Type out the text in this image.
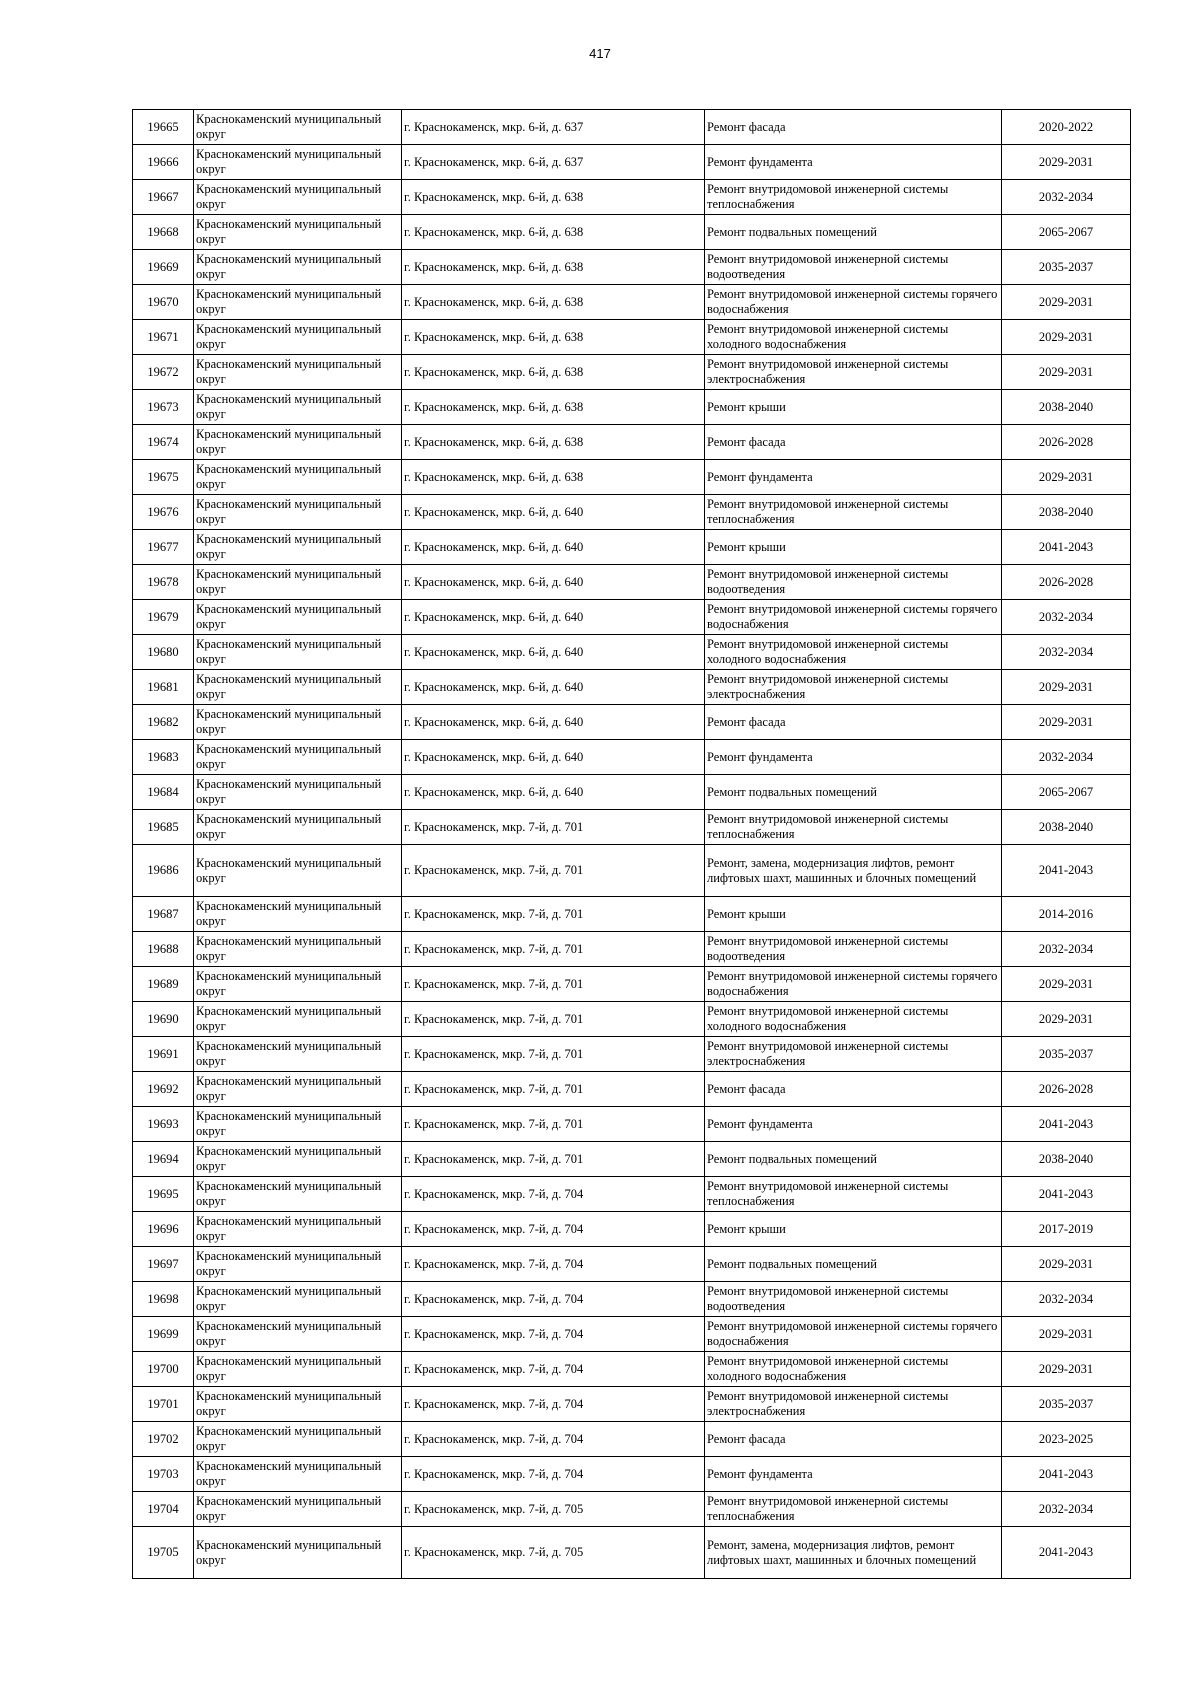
417
19665	Краснокаменский муниципальный округ	г. Краснокаменск, мкр. 6-й, д. 637	Ремонт фасада	2020-2022
19666	Краснокаменский муниципальный округ	г. Краснокаменск, мкр. 6-й, д. 637	Ремонт фундамента	2029-2031
19667	Краснокаменский муниципальный округ	г. Краснокаменск, мкр. 6-й, д. 638	Ремонт внутридомовой инженерной системы теплоснабжения	2032-2034
19668	Краснокаменский муниципальный округ	г. Краснокаменск, мкр. 6-й, д. 638	Ремонт подвальных помещений	2065-2067
19669	Краснокаменский муниципальный округ	г. Краснокаменск, мкр. 6-й, д. 638	Ремонт внутридомовой инженерной системы водоотведения	2035-2037
19670	Краснокаменский муниципальный округ	г. Краснокаменск, мкр. 6-й, д. 638	Ремонт внутридомовой инженерной системы горячего водоснабжения	2029-2031
19671	Краснокаменский муниципальный округ	г. Краснокаменск, мкр. 6-й, д. 638	Ремонт внутридомовой инженерной системы холодного водоснабжения	2029-2031
19672	Краснокаменский муниципальный округ	г. Краснокаменск, мкр. 6-й, д. 638	Ремонт внутридомовой инженерной системы электроснабжения	2029-2031
19673	Краснокаменский муниципальный округ	г. Краснокаменск, мкр. 6-й, д. 638	Ремонт крыши	2038-2040
19674	Краснокаменский муниципальный округ	г. Краснокаменск, мкр. 6-й, д. 638	Ремонт фасада	2026-2028
19675	Краснокаменский муниципальный округ	г. Краснокаменск, мкр. 6-й, д. 638	Ремонт фундамента	2029-2031
19676	Краснокаменский муниципальный округ	г. Краснокаменск, мкр. 6-й, д. 640	Ремонт внутридомовой инженерной системы теплоснабжения	2038-2040
19677	Краснокаменский муниципальный округ	г. Краснокаменск, мкр. 6-й, д. 640	Ремонт крыши	2041-2043
19678	Краснокаменский муниципальный округ	г. Краснокаменск, мкр. 6-й, д. 640	Ремонт внутридомовой инженерной системы водоотведения	2026-2028
19679	Краснокаменский муниципальный округ	г. Краснокаменск, мкр. 6-й, д. 640	Ремонт внутридомовой инженерной системы горячего водоснабжения	2032-2034
19680	Краснокаменский муниципальный округ	г. Краснокаменск, мкр. 6-й, д. 640	Ремонт внутридомовой инженерной системы холодного водоснабжения	2032-2034
19681	Краснокаменский муниципальный округ	г. Краснокаменск, мкр. 6-й, д. 640	Ремонт внутридомовой инженерной системы электроснабжения	2029-2031
19682	Краснокаменский муниципальный округ	г. Краснокаменск, мкр. 6-й, д. 640	Ремонт фасада	2029-2031
19683	Краснокаменский муниципальный округ	г. Краснокаменск, мкр. 6-й, д. 640	Ремонт фундамента	2032-2034
19684	Краснокаменский муниципальный округ	г. Краснокаменск, мкр. 6-й, д. 640	Ремонт подвальных помещений	2065-2067
19685	Краснокаменский муниципальный округ	г. Краснокаменск, мкр. 7-й, д. 701	Ремонт внутридомовой инженерной системы теплоснабжения	2038-2040
19686	Краснокаменский муниципальный округ	г. Краснокаменск, мкр. 7-й, д. 701	Ремонт, замена, модернизация лифтов, ремонт
лифтовых шахт, машинных и блочных помещений	2041-2043
19687	Краснокаменский муниципальный округ	г. Краснокаменск, мкр. 7-й, д. 701	Ремонт крыши	2014-2016
19688	Краснокаменский муниципальный округ	г. Краснокаменск, мкр. 7-й, д. 701	Ремонт внутридомовой инженерной системы водоотведения	2032-2034
19689	Краснокаменский муниципальный округ	г. Краснокаменск, мкр. 7-й, д. 701	Ремонт внутридомовой инженерной системы горячего водоснабжения	2029-2031
19690	Краснокаменский муниципальный округ	г. Краснокаменск, мкр. 7-й, д. 701	Ремонт внутридомовой инженерной системы холодного водоснабжения	2029-2031
19691	Краснокаменский муниципальный округ	г. Краснокаменск, мкр. 7-й, д. 701	Ремонт внутридомовой инженерной системы электроснабжения	2035-2037
19692	Краснокаменский муниципальный округ	г. Краснокаменск, мкр. 7-й, д. 701	Ремонт фасада	2026-2028
19693	Краснокаменский муниципальный округ	г. Краснокаменск, мкр. 7-й, д. 701	Ремонт фундамента	2041-2043
19694	Краснокаменский муниципальный округ	г. Краснокаменск, мкр. 7-й, д. 701	Ремонт подвальных помещений	2038-2040
19695	Краснокаменский муниципальный округ	г. Краснокаменск, мкр. 7-й, д. 704	Ремонт внутридомовой инженерной системы теплоснабжения	2041-2043
19696	Краснокаменский муниципальный округ	г. Краснокаменск, мкр. 7-й, д. 704	Ремонт крыши	2017-2019
19697	Краснокаменский муниципальный округ	г. Краснокаменск, мкр. 7-й, д. 704	Ремонт подвальных помещений	2029-2031
19698	Краснокаменский муниципальный округ	г. Краснокаменск, мкр. 7-й, д. 704	Ремонт внутридомовой инженерной системы водоотведения	2032-2034
19699	Краснокаменский муниципальный округ	г. Краснокаменск, мкр. 7-й, д. 704	Ремонт внутридомовой инженерной системы горячего водоснабжения	2029-2031
19700	Краснокаменский муниципальный округ	г. Краснокаменск, мкр. 7-й, д. 704	Ремонт внутридомовой инженерной системы холодного водоснабжения	2029-2031
19701	Краснокаменский муниципальный округ	г. Краснокаменск, мкр. 7-й, д. 704	Ремонт внутридомовой инженерной системы электроснабжения	2035-2037
19702	Краснокаменский муниципальный округ	г. Краснокаменск, мкр. 7-й, д. 704	Ремонт фасада	2023-2025
19703	Краснокаменский муниципальный округ	г. Краснокаменск, мкр. 7-й, д. 704	Ремонт фундамента	2041-2043
19704	Краснокаменский муниципальный округ	г. Краснокаменск, мкр. 7-й, д. 705	Ремонт внутридомовой инженерной системы теплоснабжения	2032-2034
19705	Краснокаменский муниципальный округ	г. Краснокаменск, мкр. 7-й, д. 705	Ремонт, замена, модернизация лифтов, ремонт
лифтовых шахт, машинных и блочных помещений	2041-2043
